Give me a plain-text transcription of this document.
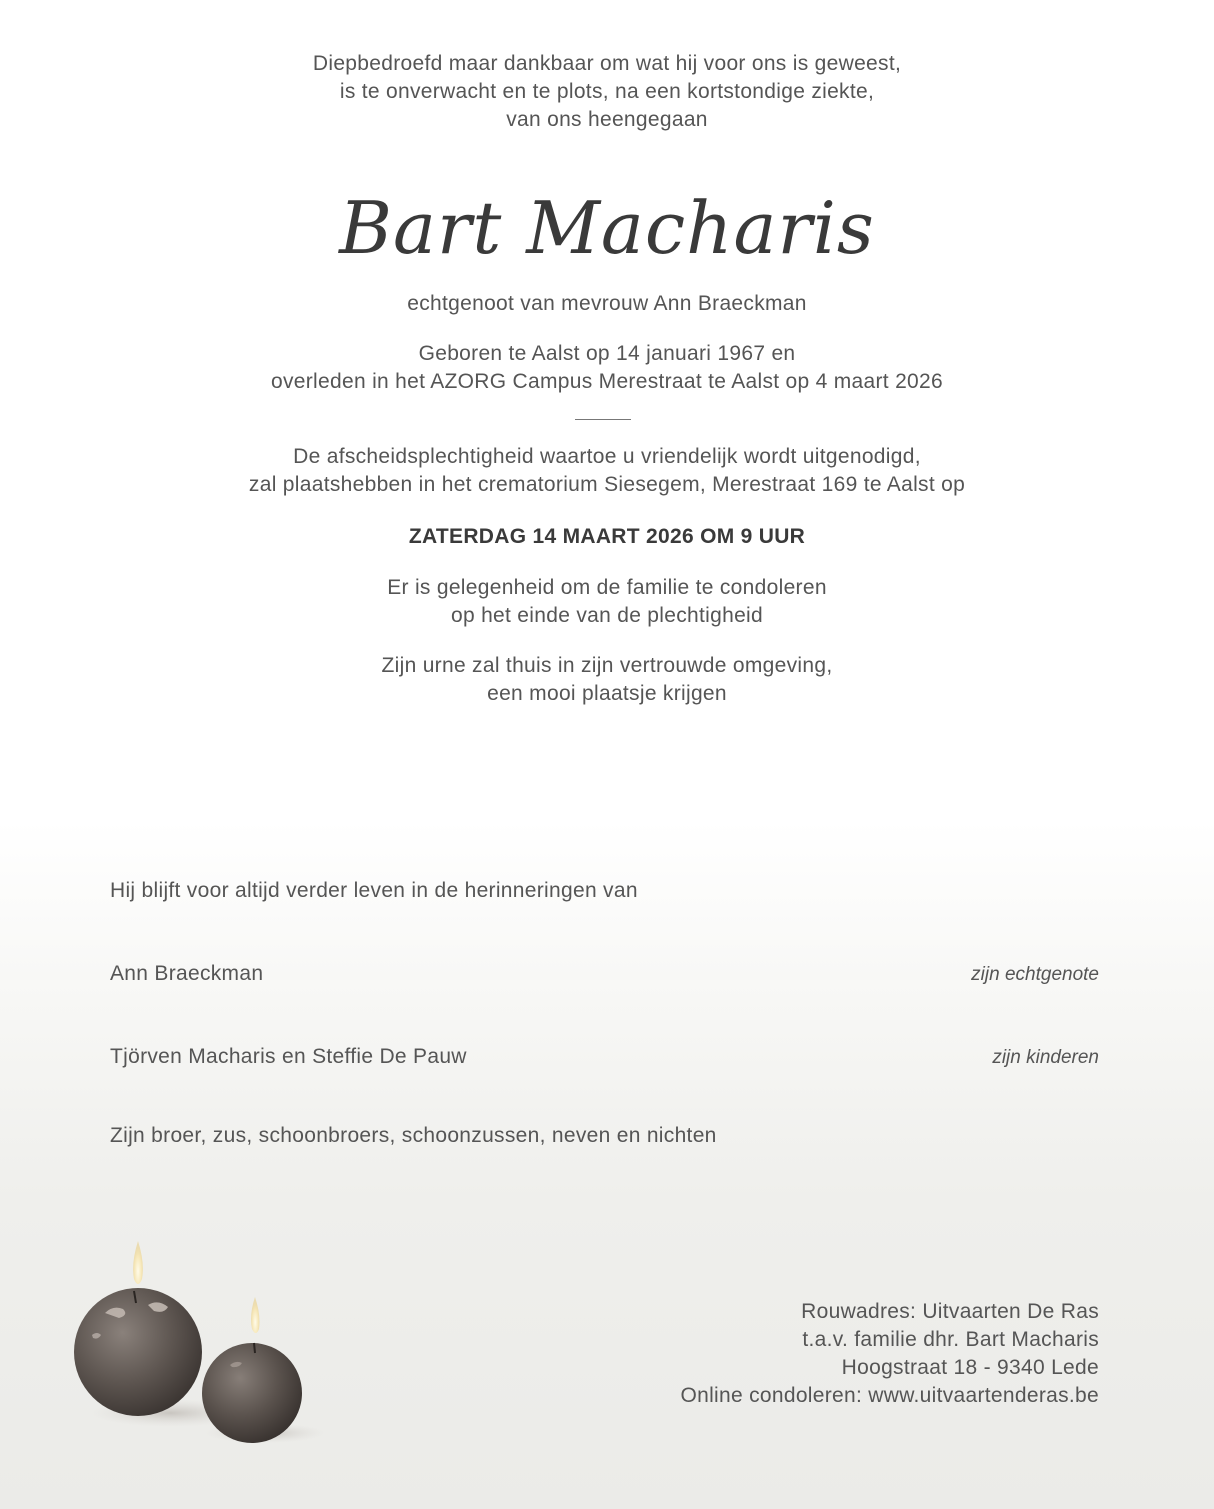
Diepbedroefd maar dankbaar om wat hij voor ons is geweest,
is te onverwacht en te plots, na een kortstondige ziekte,
van ons heengegaan
Bart Macharis
echtgenoot van mevrouw Ann Braeckman
Geboren te Aalst op 14 januari 1967 en
overleden in het AZORG Campus Merestraat te Aalst op 4 maart 2026
De afscheidsplechtigheid waartoe u vriendelijk wordt uitgenodigd,
zal plaatshebben in het crematorium Siesegem, Merestraat 169 te Aalst op
ZATERDAG 14 MAART 2026 OM 9 UUR
Er is gelegenheid om de familie te condoleren
op het einde van de plechtigheid
Zijn urne zal thuis in zijn vertrouwde omgeving,
een mooi plaatsje krijgen
Hij blijft voor altijd verder leven in de herinneringen van
Ann Braeckman	zijn echtgenote
Tjörven Macharis en Steffie De Pauw	zijn kinderen
Zijn broer, zus, schoonbroers, schoonzussen, neven en nichten
Rouwadres: Uitvaarten De Ras
t.a.v. familie dhr. Bart Macharis
Hoogstraat 18 - 9340 Lede
Online condoleren: www.uitvaartenderas.be
